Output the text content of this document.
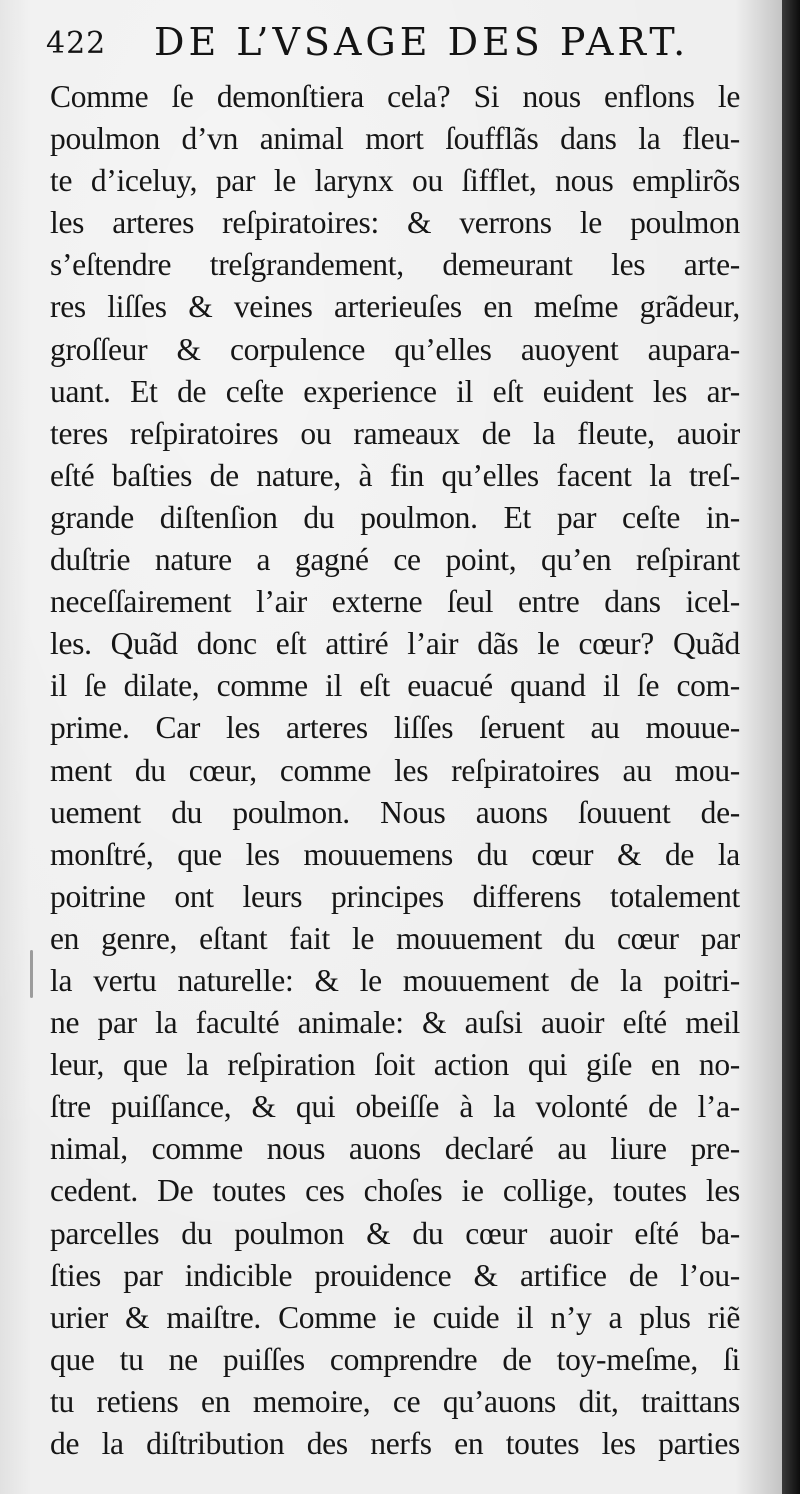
422 DE L’VSAGE DES PART.
Comme ſe demonſtiera cela? Si nous enflons le
poulmon d’vn animal mort ſoufflãs dans la fleu-
te d’iceluy, par le larynx ou ſifflet, nous emplirõs
les arteres reſpiratoires: & verrons le poulmon
s’eſtendre treſgrandement, demeurant les arte-
res liſſes & veines arterieuſes en meſme grãdeur,
groſſeur & corpulence qu’elles auoyent aupara-
uant. Et de ceſte experience il eſt euident les ar-
teres reſpiratoires ou rameaux de la fleute, auoir
eſté baſties de nature, à fin qu’elles facent la treſ-
grande diſtenſion du poulmon. Et par ceſte in-
duſtrie nature a gagné ce point, qu’en reſpirant
neceſſairement l’air externe ſeul entre dans icel-
les. Quãd donc eſt attiré l’air dãs le cœur? Quãd
il ſe dilate, comme il eſt euacué quand il ſe com-
prime. Car les arteres liſſes ſeruent au mouue-
ment du cœur, comme les reſpiratoires au mou-
uement du poulmon. Nous auons ſouuent de-
monſtré, que les mouuemens du cœur & de la
poitrine ont leurs principes differens totalement
en genre, eſtant fait le mouuement du cœur par
la vertu naturelle: & le mouuement de la poitri-
ne par la faculté animale: & auſsi auoir eſté meil
leur, que la reſpiration ſoit action qui giſe en no-
ſtre puiſſance, & qui obeiſſe à la volonté de l’a-
nimal, comme nous auons declaré au liure pre-
cedent. De toutes ces choſes ie collige, toutes les
parcelles du poulmon & du cœur auoir eſté ba-
ſties par indicible prouidence & artifice de l’ou-
urier & maiſtre. Comme ie cuide il n’y a plus riẽ
que tu ne puiſſes comprendre de toy-meſme, ſi
tu retiens en memoire, ce qu’auons dit, traittans
de la diſtribution des nerfs en toutes les parties
